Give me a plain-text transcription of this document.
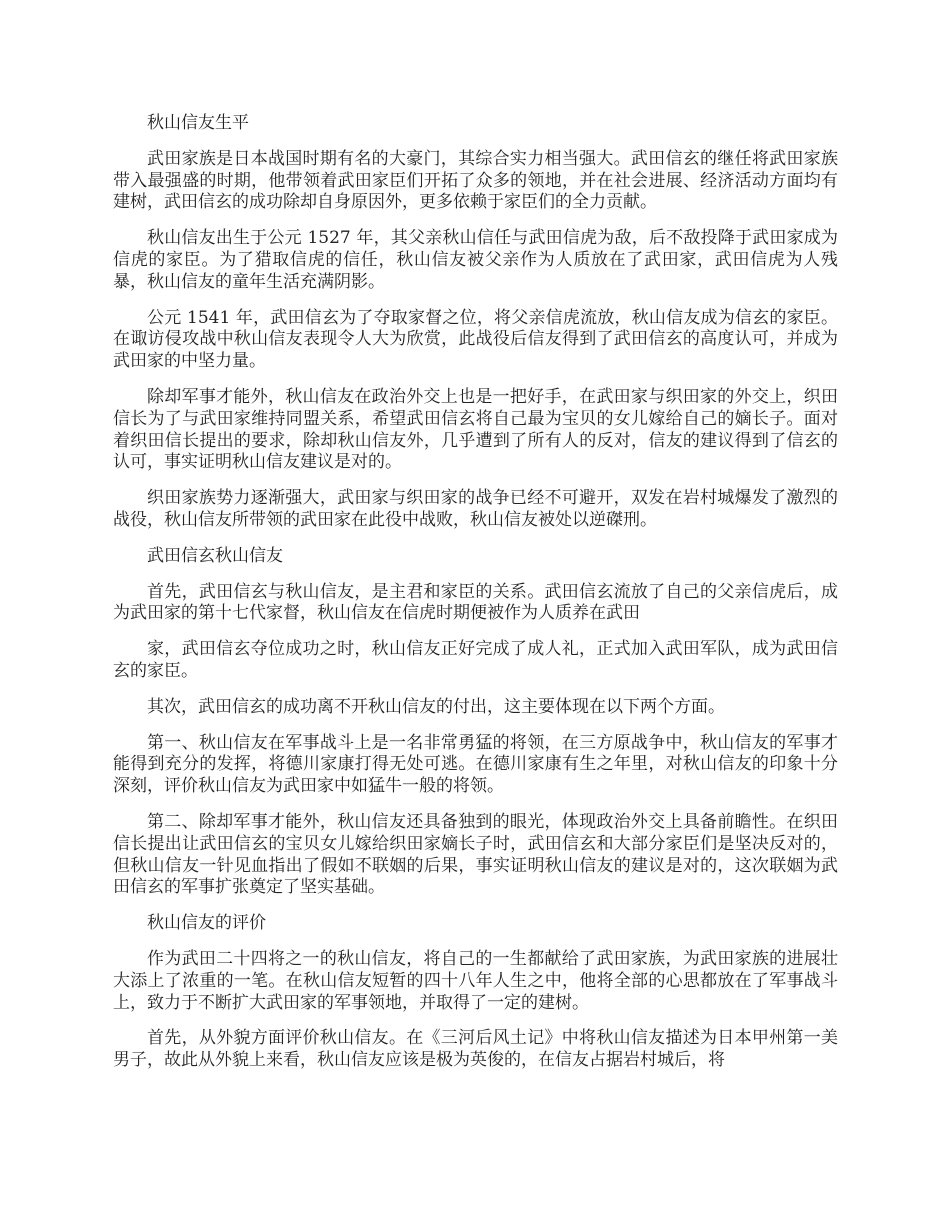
秋山信友生平

武田家族是日本战国时期有名的大豪门，其综合实力相当强大。武田信玄的继任将武田家族带入最强盛的时期，他带领着武田家臣们开拓了众多的领地，并在社会进展、经济活动方面均有建树，武田信玄的成功除却自身原因外，更多依赖于家臣们的全力贡献。

秋山信友出生于公元 1527 年，其父亲秋山信任与武田信虎为敌，后不敌投降于武田家成为信虎的家臣。为了猎取信虎的信任，秋山信友被父亲作为人质放在了武田家，武田信虎为人残暴，秋山信友的童年生活充满阴影。

公元 1541 年，武田信玄为了夺取家督之位，将父亲信虎流放，秋山信友成为信玄的家臣。在诹访侵攻战中秋山信友表现令人大为欣赏，此战役后信友得到了武田信玄的高度认可，并成为武田家的中坚力量。

除却军事才能外，秋山信友在政治外交上也是一把好手，在武田家与织田家的外交上，织田信长为了与武田家维持同盟关系，希望武田信玄将自己最为宝贝的女儿嫁给自己的嫡长子。面对着织田信长提出的要求，除却秋山信友外，几乎遭到了所有人的反对，信友的建议得到了信玄的认可，事实证明秋山信友建议是对的。

织田家族势力逐渐强大，武田家与织田家的战争已经不可避开，双发在岩村城爆发了激烈的战役，秋山信友所带领的武田家在此役中战败，秋山信友被处以逆磔刑。

武田信玄秋山信友

首先，武田信玄与秋山信友，是主君和家臣的关系。武田信玄流放了自己的父亲信虎后，成为武田家的第十七代家督，秋山信友在信虎时期便被作为人质养在武田

家，武田信玄夺位成功之时，秋山信友正好完成了成人礼，正式加入武田军队，成为武田信玄的家臣。

其次，武田信玄的成功离不开秋山信友的付出，这主要体现在以下两个方面。

第一、秋山信友在军事战斗上是一名非常勇猛的将领，在三方原战争中，秋山信友的军事才能得到充分的发挥，将德川家康打得无处可逃。在德川家康有生之年里，对秋山信友的印象十分深刻，评价秋山信友为武田家中如猛牛一般的将领。

第二、除却军事才能外，秋山信友还具备独到的眼光，体现政治外交上具备前瞻性。在织田信长提出让武田信玄的宝贝女儿嫁给织田家嫡长子时，武田信玄和大部分家臣们是坚决反对的，但秋山信友一针见血指出了假如不联姻的后果，事实证明秋山信友的建议是对的，这次联姻为武田信玄的军事扩张奠定了坚实基础。

秋山信友的评价

作为武田二十四将之一的秋山信友，将自己的一生都献给了武田家族，为武田家族的进展壮大添上了浓重的一笔。在秋山信友短暂的四十八年人生之中，他将全部的心思都放在了军事战斗上，致力于不断扩大武田家的军事领地，并取得了一定的建树。

首先，从外貌方面评价秋山信友。在《三河后风土记》中将秋山信友描述为日本甲州第一美男子，故此从外貌上来看，秋山信友应该是极为英俊的，在信友占据岩村城后，将
